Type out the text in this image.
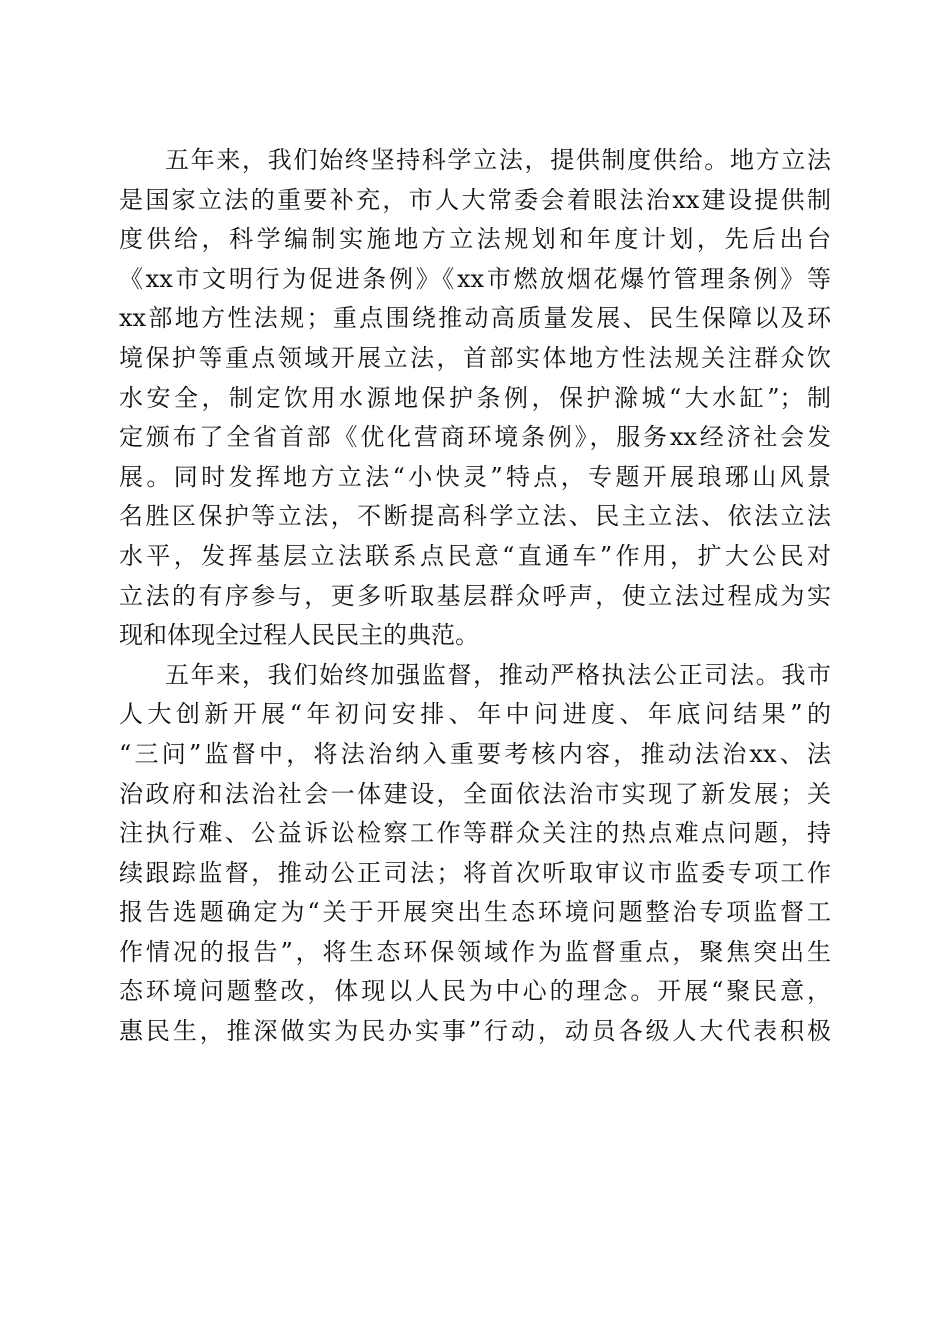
五年来，我们始终坚持科学立法，提供制度供给。地方立法
是国家立法的重要补充，市人大常委会着眼法治xx建设提供制
度供给，科学编制实施地方立法规划和年度计划，先后出台
《xx市文明行为促进条例》《xx市燃放烟花爆竹管理条例》等
xx部地方性法规；重点围绕推动高质量发展、民生保障以及环
境保护等重点领域开展立法，首部实体地方性法规关注群众饮
水安全，制定饮用水源地保护条例，保护滁城“大水缸”；制
定颁布了全省首部《优化营商环境条例》，服务xx经济社会发
展。同时发挥地方立法“小快灵”特点，专题开展琅琊山风景
名胜区保护等立法，不断提高科学立法、民主立法、依法立法
水平，发挥基层立法联系点民意“直通车”作用，扩大公民对
立法的有序参与，更多听取基层群众呼声，使立法过程成为实
现和体现全过程人民民主的典范。
五年来，我们始终加强监督，推动严格执法公正司法。我市
人大创新开展“年初问安排、年中问进度、年底问结果”的
“三问”监督中，将法治纳入重要考核内容，推动法治xx、法
治政府和法治社会一体建设，全面依法治市实现了新发展；关
注执行难、公益诉讼检察工作等群众关注的热点难点问题，持
续跟踪监督，推动公正司法；将首次听取审议市监委专项工作
报告选题确定为“关于开展突出生态环境问题整治专项监督工
作情况的报告”，将生态环保领域作为监督重点，聚焦突出生
态环境问题整改，体现以人民为中心的理念。开展“聚民意，
惠民生，推深做实为民办实事”行动，动员各级人大代表积极
